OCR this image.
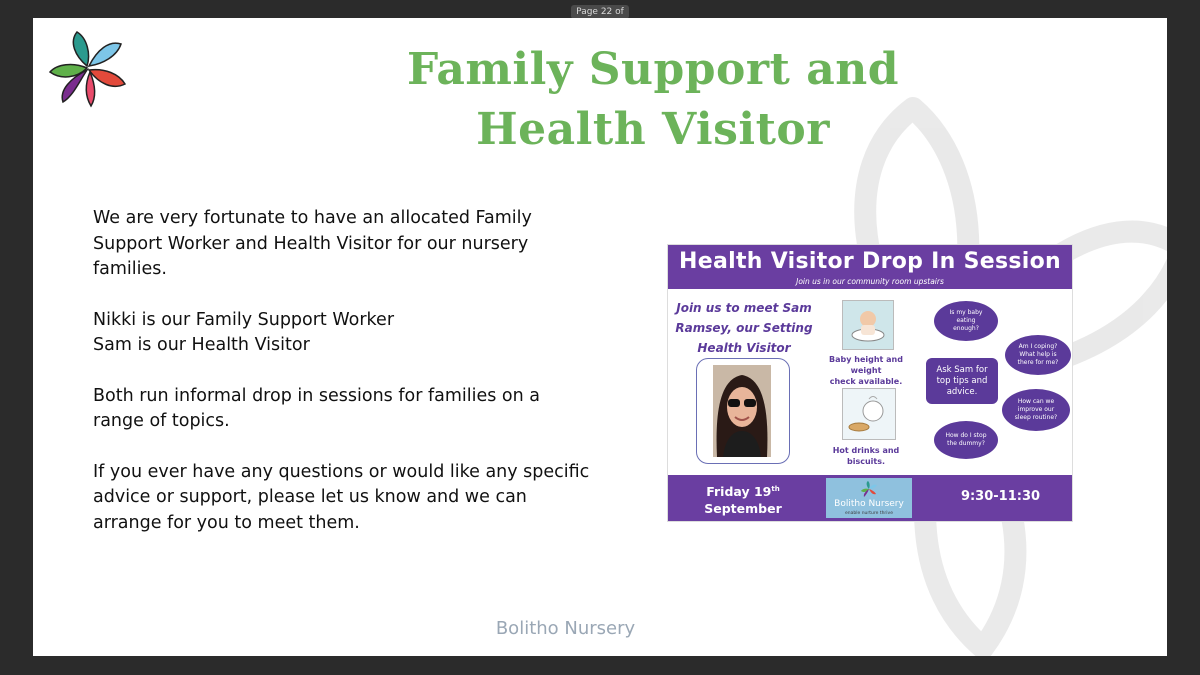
Page 22 of
Family Support and
Health Visitor

We are very fortunate to have an allocated Family
Support Worker and Health Visitor for our nursery
families.

Nikki is our Family Support Worker
Sam is our Health Visitor

Both run informal drop in sessions for families on a
range of topics.

If you ever have any questions or would like any specific
advice or support, please let us know and we can
arrange for you to meet them.

Health Visitor Drop In Session
Join us in our community room upstairs
Join us to meet Sam
Ramsey, our Setting
Health Visitor
Baby height and weight
check available.
Hot drinks and
biscuits.
Is my baby
eating
enough?
Am I coping?
What help is
there for me?
Ask Sam for
top tips and
advice.
How can we
improve our
sleep routine?
How do I stop
the dummy?
Friday 19th
September	Bolitho Nursery
enable nurture thrive
9:30-11:30
Bolitho Nursery
